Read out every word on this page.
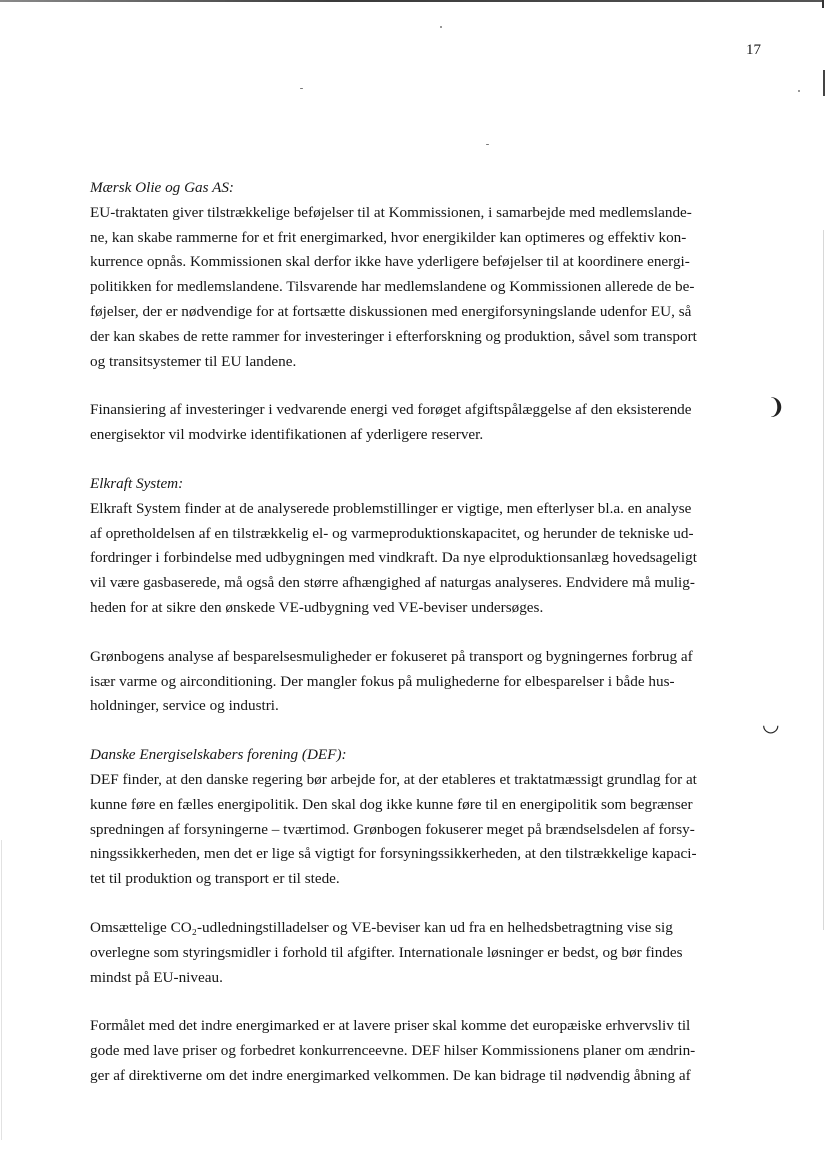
17
❩
◡

Mærsk Olie og Gas AS:

EU-traktaten giver tilstrækkelige beføjelser til at Kommissionen, i samarbejde med medlemslande-

ne, kan skabe rammerne for et frit energimarked, hvor energikilder kan optimeres og effektiv kon-

kurrence opnås. Kommissionen skal derfor ikke have yderligere beføjelser til at koordinere energi-

politikken for medlemslandene. Tilsvarende har medlemslandene og Kommissionen allerede de be-

føjelser, der er nødvendige for at fortsætte diskussionen med energiforsyningslande udenfor EU, så

der kan skabes de rette rammer for investeringer i efterforskning og produktion, såvel som transport

og transitsystemer til EU landene.

Finansiering af investeringer i vedvarende energi ved forøget afgiftspålæggelse af den eksisterende

energisektor vil modvirke identifikationen af yderligere reserver.

Elkraft System:

Elkraft System finder at de analyserede problemstillinger er vigtige, men efterlyser bl.a. en analyse

af opretholdelsen af en tilstrækkelig el- og varmeproduktionskapacitet, og herunder de tekniske ud-

fordringer i forbindelse med udbygningen med vindkraft. Da nye elproduktionsanlæg hovedsageligt

vil være gasbaserede, må også den større afhængighed af naturgas analyseres. Endvidere må mulig-

heden for at sikre den ønskede VE-udbygning ved VE-beviser undersøges.

Grønbogens analyse af besparelsesmuligheder er fokuseret på transport og bygningernes forbrug af

især varme og airconditioning. Der mangler fokus på mulighederne for elbesparelser i både hus-

holdninger, service og industri.

Danske Energiselskabers forening (DEF):

DEF finder, at den danske regering bør arbejde for, at der etableres et traktatmæssigt grundlag for at

kunne føre en fælles energipolitik. Den skal dog ikke kunne føre til en energipolitik som begrænser

spredningen af forsyningerne – tværtimod. Grønbogen fokuserer meget på brændselsdelen af forsy-

ningssikkerheden, men det er lige så vigtigt for forsyningssikkerheden, at den tilstrækkelige kapaci-

tet til produktion og transport er til stede.

Omsættelige CO₂-udledningstilladelser og VE-beviser kan ud fra en helhedsbetragtning vise sig

overlegne som styringsmidler i forhold til afgifter. Internationale løsninger er bedst, og bør findes

mindst på EU-niveau.

Formålet med det indre energimarked er at lavere priser skal komme det europæiske erhvervsliv til

gode med lave priser og forbedret konkurrenceevne. DEF hilser Kommissionens planer om ændrin-

ger af direktiverne om det indre energimarked velkommen. De kan bidrage til nødvendig åbning af
